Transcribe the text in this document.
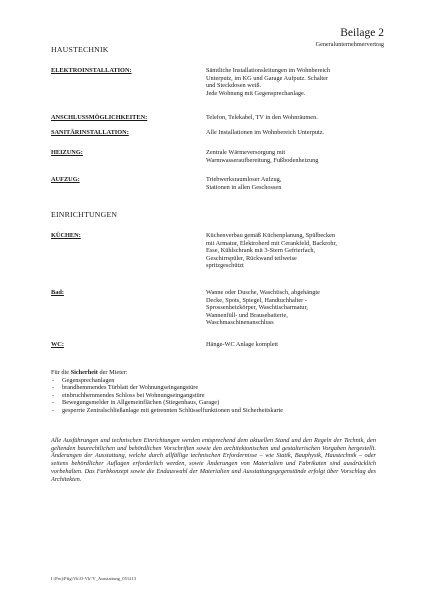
Beilage 2
Generalunternehmervertrag
HAUSTECHNIK
ELEKTROINSTALLATION:	Sämtliche Installationsleitungen im Wohnbereich
Unterputz, im KG und Garage Aufputz. Schalter
und Steckdosen weiß.
Jede Wohnung mit Gegensprechanlage.
ANSCHLUSSMÖGLICHKEITEN:	Telefon, Telekabel, TV in den Wohnräumen.
SANITÄRINSTALLATION:	Alle Installationen im Wohnbereich Unterputz.
HEIZUNG:	Zentrale Wärmeversorgung mit
Warmwasseraufbereitung, Fußbodenheizung
AUFZUG:	Triebwerksraumloser Aufzug,
Stationen in allen Geschossen
EINRICHTUNGEN
KÜCHEN:	Küchenverbau gemäß Küchenplanung, Spülbecken
mit Armatur, Elektroherd mit Cerankfeld, Backrohr,
Esse, Kühlschrank mit 3-Stern Gefrierfach,
Geschirrspüler, Rückwand teilweise
spritzgeschützt
Bad:	Wanne oder Dusche, Waschtisch, abgehängte
Decke, Spots, Spiegel, Handtuchhalter -
Sprossenheizkörper, Waschtischarmatur,
Wannenfüll- und Brausebatterie,
Waschmaschinenanschluss
WC:	Hänge-WC Anlage komplett
Für die Sicherheit der Mieter:
- Gegensprechanlagen
- brandhemmendes Türblatt der Wohnungseingangstüre
- einbruchhemmendes Schloss bei Wohnungseingangstüre
- Bewegungsmelder in Allgemeinflächen (Stiegenhaus, Garage)
- gesperrte Zentralschließanlage mit getrennten Schlüsselfunktionen und Sicherheitskarte
Alle Ausführungen und technischen Einrichtungen werden entsprechend dem aktuellen Stand und den Regeln der Technik, den geltenden baurechtlichen und behördlichen Vorschriften sowie den architektonischen und gestalterischen Vorgaben hergestellt. Änderungen der Ausstattung, welche durch allfällige technischen Erfordernisse – wie Statik, Bauphysik, Haustechnik – oder seitens behördlicher Auflagen erforderlich werden, sowie Änderungen von Materialien und Fabrikaten sind ausdrücklich vorbehalten. Das Farbkonzept sowie die Endauswahl der Materialien und Ausstattungsgegenstände erfolgt über Vorschlag des Architekten.
I:\Proj\Pfig\Vk\O-Vk\'V_Ausstattung_051213
